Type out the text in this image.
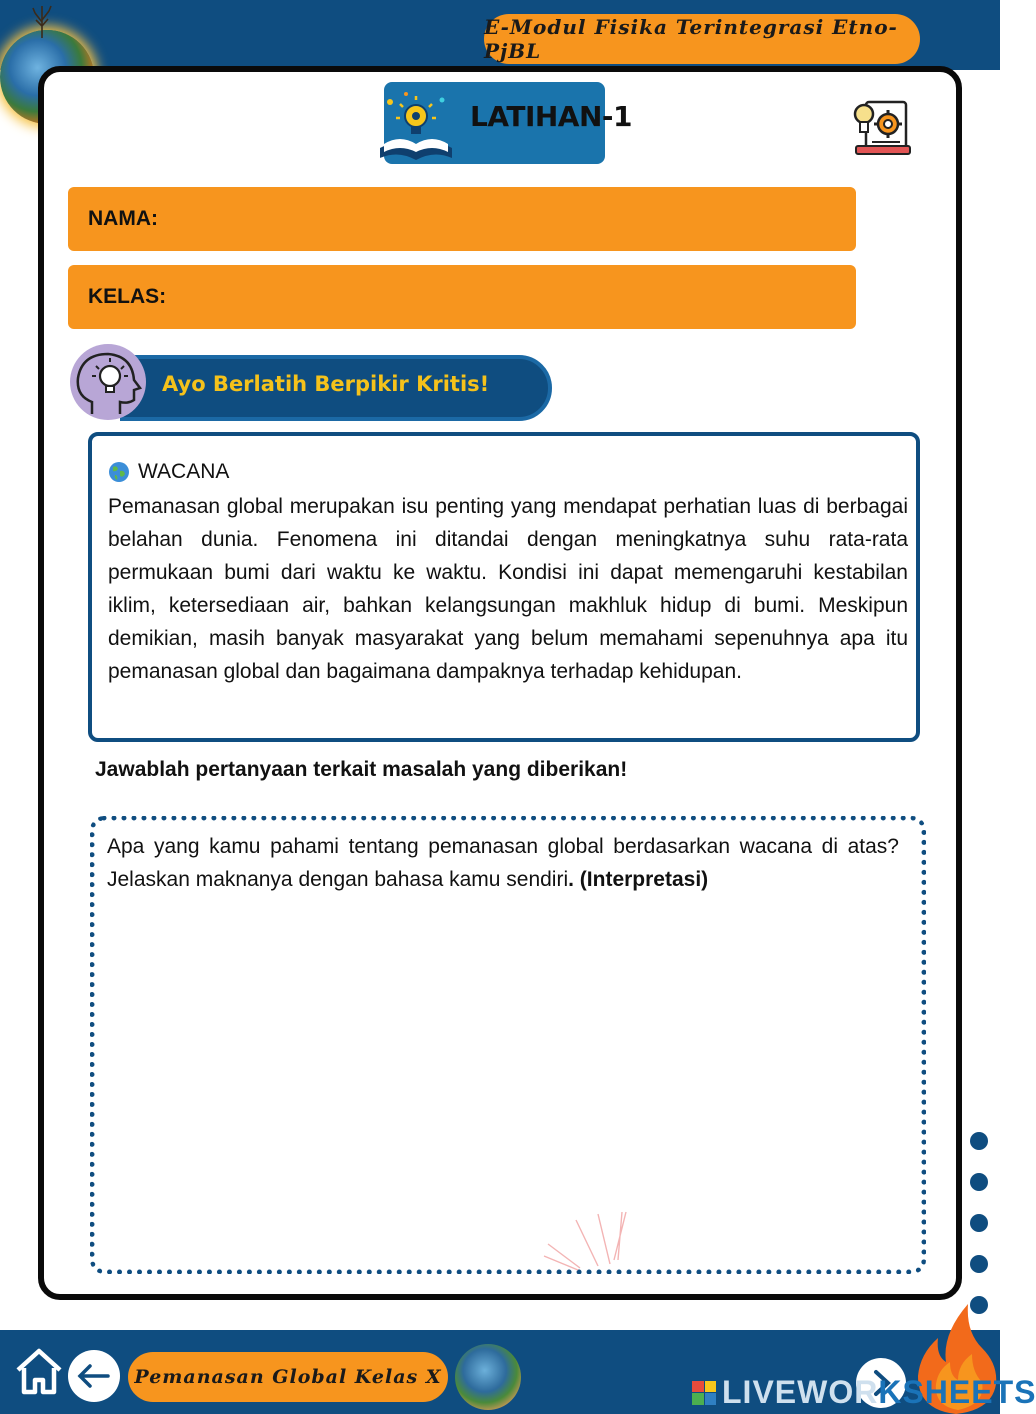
E-Modul Fisika Terintegrasi Etno-PjBL
LATIHAN-1
NAMA:
KELAS:
Ayo Berlatih Berpikir Kritis!
WACANA
Pemanasan global merupakan isu penting yang mendapat perhatian luas di berbagai belahan dunia. Fenomena ini ditandai dengan meningkatnya suhu rata-rata permukaan bumi dari waktu ke waktu. Kondisi ini dapat memengaruhi kestabilan iklim, ketersediaan air, bahkan kelangsungan makhluk hidup di bumi. Meskipun demikian, masih banyak masyarakat yang belum memahami sepenuhnya apa itu pemanasan global dan bagaimana dampaknya terhadap kehidupan.
Jawablah pertanyaan terkait masalah yang diberikan!
Apa yang kamu pahami tentang pemanasan global berdasarkan wacana di atas? Jelaskan maknanya dengan bahasa kamu sendiri. (Interpretasi)
Pemanasan Global Kelas X	LIVEWOR KSHEETS
